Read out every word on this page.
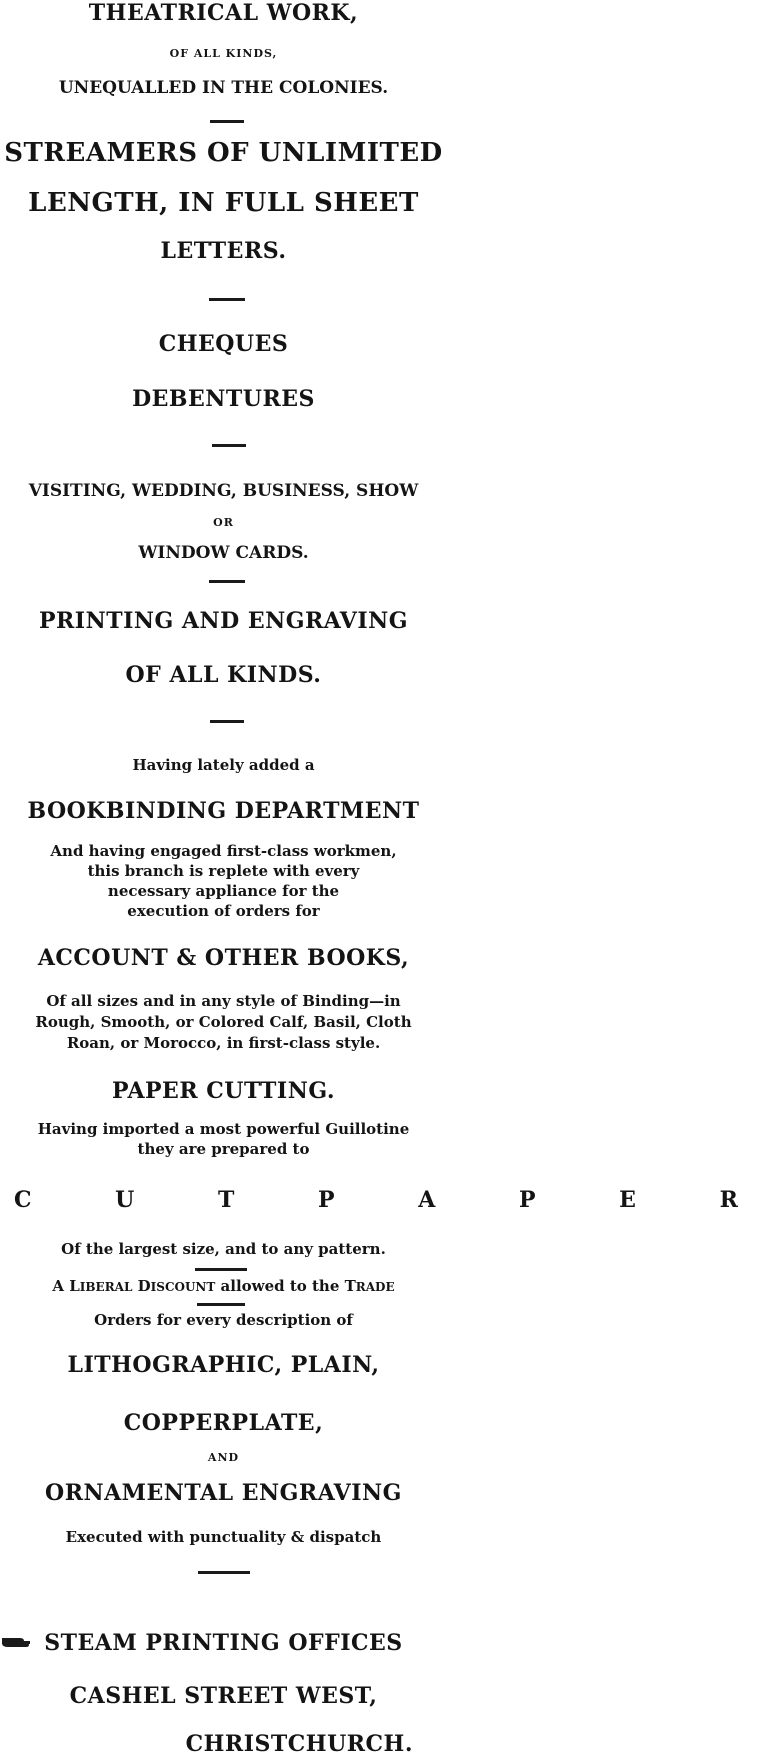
THEATRICAL WORK,
OF ALL KINDS,
UNEQUALLED IN THE COLONIES.
STREAMERS OF UNLIMITED
LENGTH, IN FULL SHEET
LETTERS.
CHEQUES
DEBENTURES
VISITING, WEDDING, BUSINESS, SHOW
OR
WINDOW CARDS.
PRINTING AND ENGRAVING
OF ALL KINDS.
Having lately added a
BOOKBINDING DEPARTMENT
And having engaged first-class workmen,
this branch is replete with every
necessary appliance for the
execution of orders for
ACCOUNT & OTHER BOOKS,
Of all sizes and in any style of Binding—in
Rough, Smooth, or Colored Calf, Basil, Cloth
Roan, or Morocco, in first-class style.
PAPER CUTTING.
Having imported a most powerful Guillotine
they are prepared to
C U T P A P E R
Of the largest size, and to any pattern.
A LIBERAL DISCOUNT allowed to the TRADE
Orders for every description of
LITHOGRAPHIC, PLAIN,
COPPERPLATE,
AND
ORNAMENTAL ENGRAVING
Executed with punctuality & dispatch
STEAM PRINTING OFFICES
CASHEL STREET WEST,
CHRISTCHURCH.
